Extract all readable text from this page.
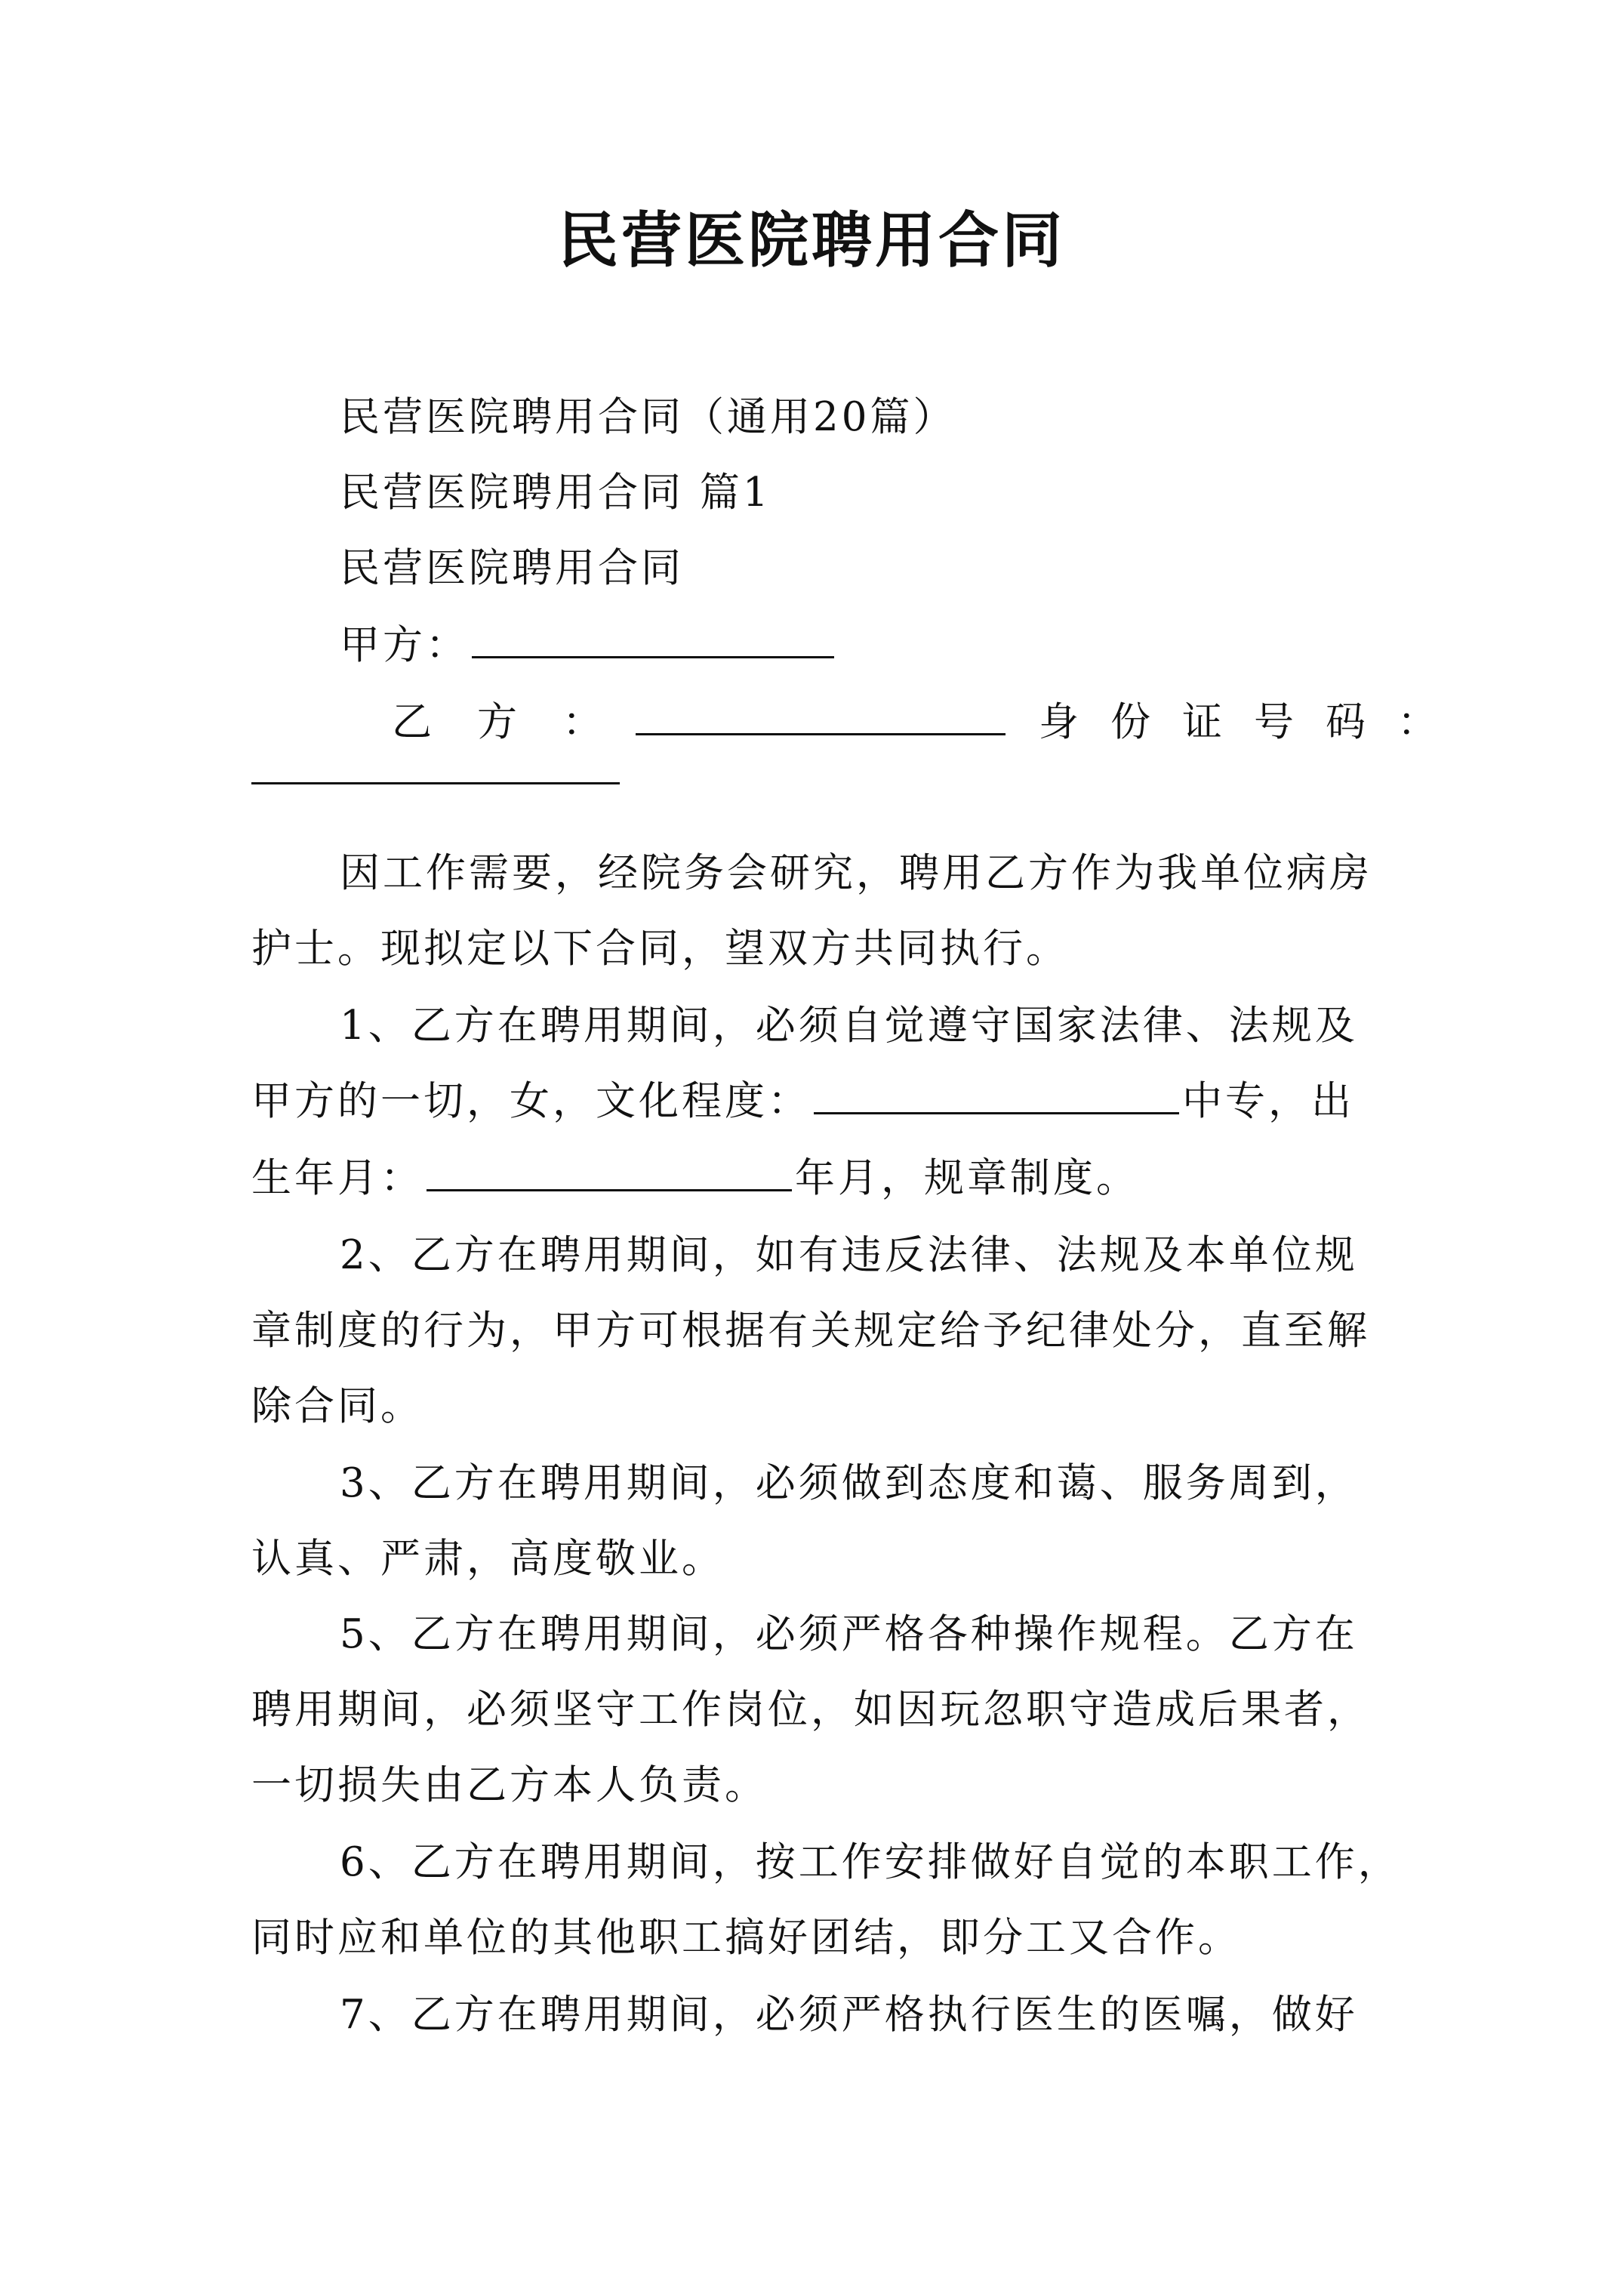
民营医院聘用合同
民营医院聘用合同（通用20篇）
民营医院聘用合同 篇1
民营医院聘用合同
甲方：
乙 方 ：	身 份 证 号 码 ：
因工作需要，经院务会研究，聘用乙方作为我单位病房
护士。现拟定以下合同，望双方共同执行。
1、乙方在聘用期间，必须自觉遵守国家法律、法规及
甲方的一切，女，文化程度：	中专，出
生年月：	年月，规章制度。
2、乙方在聘用期间，如有违反法律、法规及本单位规
章制度的行为，甲方可根据有关规定给予纪律处分，直至解
除合同。
3、乙方在聘用期间，必须做到态度和蔼、服务周到，
认真、严肃，高度敬业。
5、乙方在聘用期间，必须严格各种操作规程。乙方在
聘用期间，必须坚守工作岗位，如因玩忽职守造成后果者，
一切损失由乙方本人负责。
6、乙方在聘用期间，按工作安排做好自觉的本职工作，
同时应和单位的其他职工搞好团结，即分工又合作。
7、乙方在聘用期间，必须严格执行医生的医嘱，做好
